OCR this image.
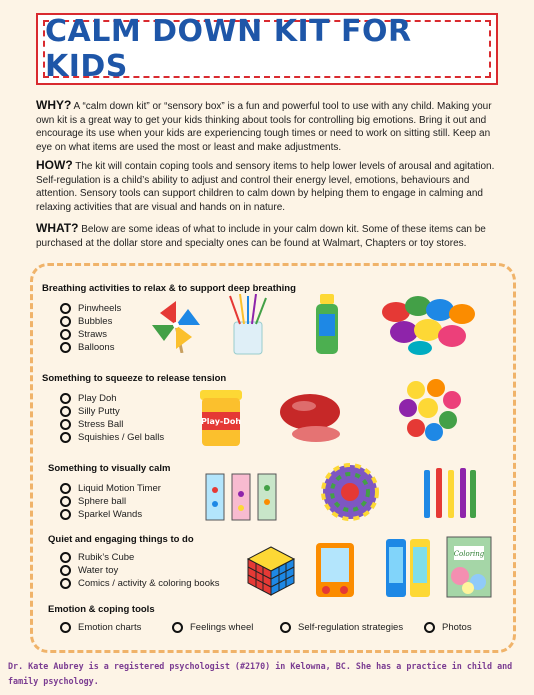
CALM DOWN KIT FOR KIDS

WHY? A “calm down kit” or “sensory box” is a fun and powerful tool to use with any child. Making your own kit is a great way to get your kids thinking about tools for controlling big emotions. Bring it out and encourage its use when your kids are experiencing tough times or need to work on sitting still. Keep an eye on what items are used the most or least and make adjustments.

HOW? The kit will contain coping tools and sensory items to help lower levels of arousal and agitation. Self-regulation is a child’s ability to adjust and control their energy level, emotions, behaviours and attention. Sensory tools can support children to calm down by helping them to engage in calming and relaxing activities that are visual and hands on in nature.

WHAT? Below are some ideas of what to include in your calm down kit. Some of these items can be purchased at the dollar store and specialty ones can be found at Walmart, Chapters or toy stores.

Breathing activities to relax & to support deep breathing
Pinwheels
Bubbles
Straws
Balloons
Something to squeeze to release tension
Play Doh
Silly Putty
Stress Ball
Squishies / Gel balls
Play-Doh
Something to visually calm
Liquid Motion Timer
Sphere ball
Sparkel Wands
Quiet and engaging things to do
Rubik’s Cube
Water toy
Comics / activity & coloring books
Coloring
Emotion & coping tools
Emotion charts	Feelings wheel	Self-regulation strategies	Photos

Dr. Kate Aubrey is a registered psychologist (#2170) in Kelowna, BC. She has a practice in child and family psychology.
